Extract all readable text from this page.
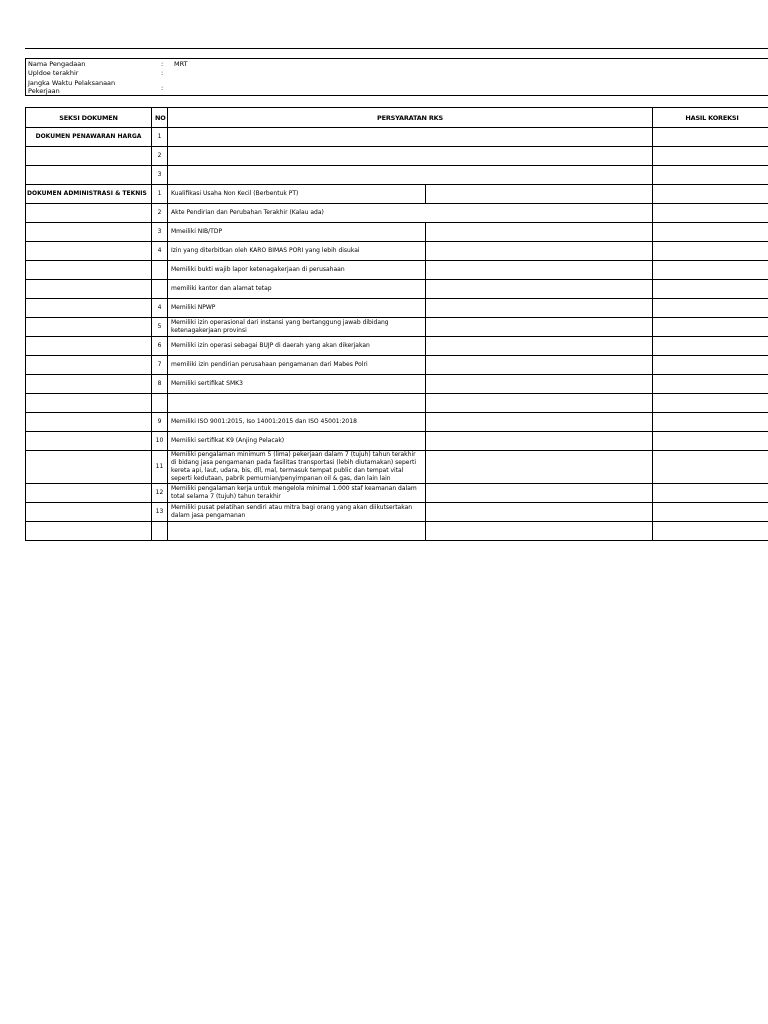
Nama Pengadaan	: MRT
Upldoe terakhir	:
Jangka Waktu Pelaksanaan Pekerjaan	:
SEKSI DOKUMEN	NO	PERSYARATAN RKS		HASIL KOREKSI
DOKUMEN PENAWARAN HARGA	1			
	2			
	3			
DOKUMEN ADMINISTRASI & TEKNIS	1	Kualifikasi Usaha Non Kecil (Berbentuk PT)		
	2	Akte Pendirian dan Perubahan Terakhir (Kalau ada)		
	3	Mmeiliki NIB/TDP		
	4	Izin yang diterbitkan oleh KARO BIMAS PORI yang lebih disukai		
		Memiliki bukti wajib lapor ketenagakerjaan di perusahaan		
		memiliki kantor dan alamat tetap		
	4	Memiliki NPWP		
	5	Memiliki izin operasional dari instansi yang bertanggung jawab dibidang ketenagakerjaan provinsi		
	6	Memiliki izin operasi sebagai BUJP di daerah yang akan dikerjakan		
	7	memiliki izin pendirian perusahaan pengamanan dari Mabes Polri		
	8	Memiliki sertifikat SMK3		

	9	Memiliki ISO 9001:2015, Iso 14001:2015 dan ISO 45001:2018		
	10	Memiliki sertifikat K9 (Anjing Pelacak)		
	11	Memiliki pengalaman minimum 5 (lima) pekerjaan dalam 7 (tujuh) tahun terakhir di bidang jasa pengamanan pada fasilitas transportasi (lebih diutamakan) seperti kereta api, laut, udara, bis, dll, mal, termasuk tempat public dan tempat vital seperti kedutaan, pabrik pemurnian/penyimpanan oil & gas, dan lain lain		
	12	Memiliki pengalaman kerja untuk mengelola minimal 1.000 staf keamanan dalam total selama 7 (tujuh) tahun terakhir		
	13	Memiliki pusat pelatihan sendiri atau mitra bagi orang yang akan diikutsertakan dalam jasa pengamanan		
